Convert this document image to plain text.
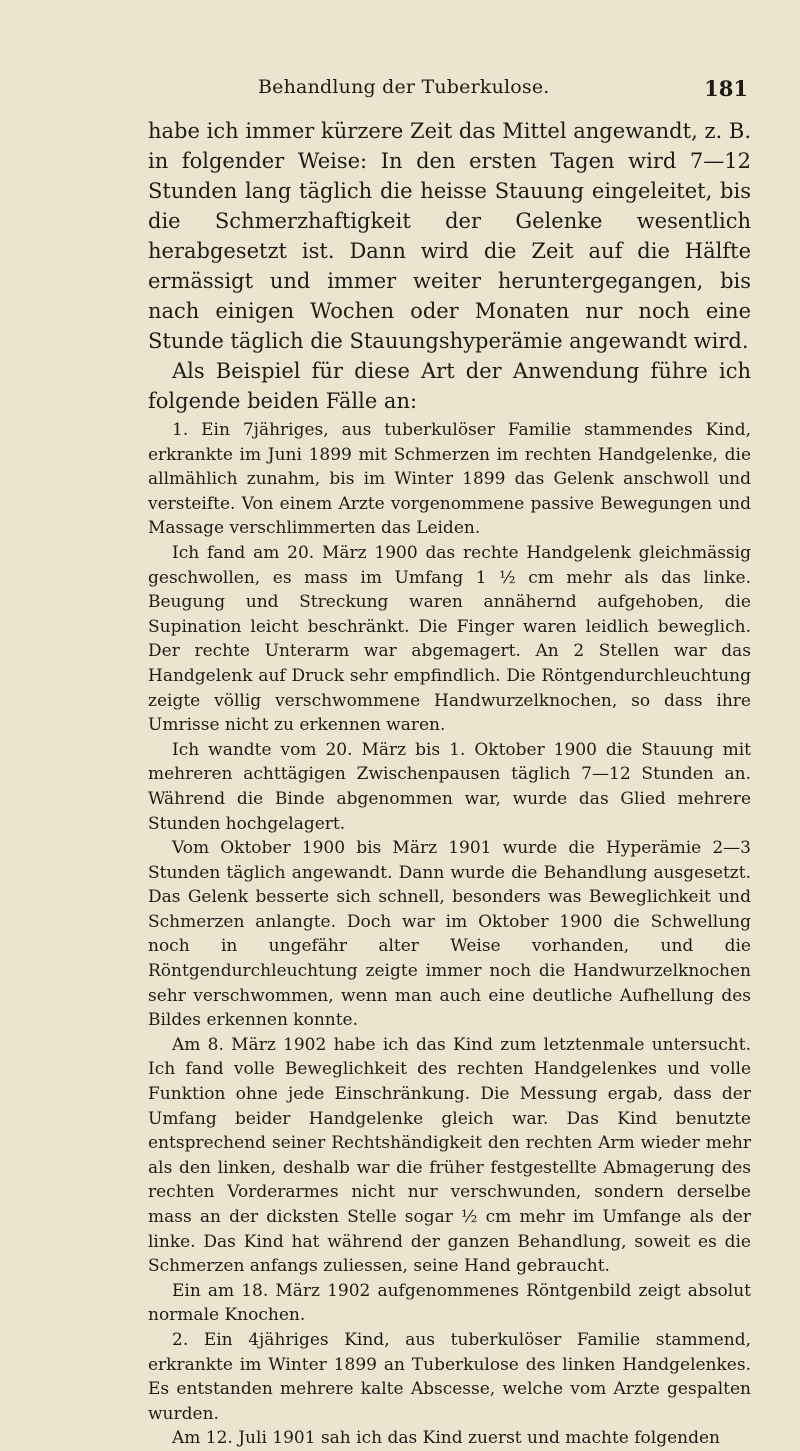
Behandlung der Tuberkulose.	181

habe ich immer kürzere Zeit das Mittel angewandt, z. B. in folgender Weise: In den ersten Tagen wird 7—12 Stunden lang täglich die heisse Stauung eingeleitet, bis die Schmerzhaftigkeit der Gelenke wesentlich herabgesetzt ist. Dann wird die Zeit auf die Hälfte ermässigt und immer weiter heruntergegangen, bis nach einigen Wochen oder Monaten nur noch eine Stunde täglich die Stauungshyperämie angewandt wird.

Als Beispiel für diese Art der Anwendung führe ich folgende beiden Fälle an:

1. Ein 7jähriges, aus tuberkulöser Familie stammendes Kind, erkrankte im Juni 1899 mit Schmerzen im rechten Handgelenke, die allmählich zunahm, bis im Winter 1899 das Gelenk anschwoll und versteifte. Von einem Arzte vorgenommene passive Bewegungen und Massage verschlimmerten das Leiden.

Ich fand am 20. März 1900 das rechte Handgelenk gleichmässig geschwollen, es mass im Umfang 1 ½ cm mehr als das linke. Beugung und Streckung waren annähernd aufgehoben, die Supination leicht beschränkt. Die Finger waren leidlich beweglich. Der rechte Unterarm war abgemagert. An 2 Stellen war das Handgelenk auf Druck sehr empfindlich. Die Röntgendurchleuchtung zeigte völlig verschwommene Handwurzelknochen, so dass ihre Umrisse nicht zu erkennen waren.

Ich wandte vom 20. März bis 1. Oktober 1900 die Stauung mit mehreren achttägigen Zwischenpausen täglich 7—12 Stunden an. Während die Binde abgenommen war, wurde das Glied mehrere Stunden hochgelagert.

Vom Oktober 1900 bis März 1901 wurde die Hyperämie 2—3 Stunden täglich angewandt. Dann wurde die Behandlung ausgesetzt. Das Gelenk besserte sich schnell, besonders was Beweglichkeit und Schmerzen anlangte. Doch war im Oktober 1900 die Schwellung noch in ungefähr alter Weise vorhanden, und die Röntgendurchleuchtung zeigte immer noch die Handwurzelknochen sehr verschwommen, wenn man auch eine deutliche Aufhellung des Bildes erkennen konnte.

Am 8. März 1902 habe ich das Kind zum letztenmale untersucht. Ich fand volle Beweglichkeit des rechten Handgelenkes und volle Funktion ohne jede Einschränkung. Die Messung ergab, dass der Umfang beider Handgelenke gleich war. Das Kind benutzte entsprechend seiner Rechtshändigkeit den rechten Arm wieder mehr als den linken, deshalb war die früher festgestellte Abmagerung des rechten Vorderarmes nicht nur verschwunden, sondern derselbe mass an der dicksten Stelle sogar ½ cm mehr im Umfange als der linke. Das Kind hat während der ganzen Behandlung, soweit es die Schmerzen anfangs zuliessen, seine Hand gebraucht.

Ein am 18. März 1902 aufgenommenes Röntgenbild zeigt absolut normale Knochen.

2. Ein 4jähriges Kind, aus tuberkulöser Familie stammend, erkrankte im Winter 1899 an Tuberkulose des linken Handgelenkes. Es entstanden mehrere kalte Abscesse, welche vom Arzte gespalten wurden.

Am 12. Juli 1901 sah ich das Kind zuerst und machte folgenden
